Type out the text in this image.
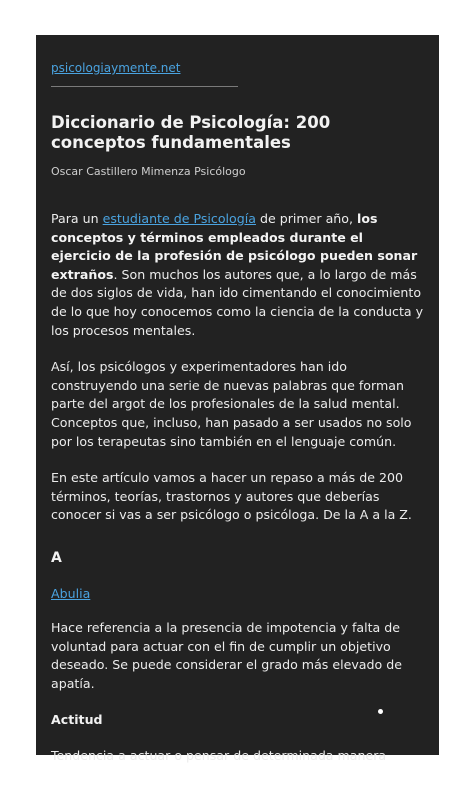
psicologiaymente.net
Diccionario de Psicología: 200 conceptos fundamentales
Oscar Castillero Mimenza Psicólogo

Para un estudiante de Psicología de primer año, los conceptos y términos empleados durante el ejercicio de la profesión de psicólogo pueden sonar extraños. Son muchos los autores que, a lo largo de más de dos siglos de vida, han ido cimentando el conocimiento de lo que hoy conocemos como la ciencia de la conducta y los procesos mentales.

Así, los psicólogos y experimentadores han ido construyendo una serie de nuevas palabras que forman parte del argot de los profesionales de la salud mental. Conceptos que, incluso, han pasado a ser usados no solo por los terapeutas sino también en el lenguaje común.

En este artículo vamos a hacer un repaso a más de 200 términos, teorías, trastornos y autores que deberías conocer si vas a ser psicólogo o psicóloga. De la A a la Z.

A
Abulia

Hace referencia a la presencia de impotencia y falta de voluntad para actuar con el fin de cumplir un objetivo deseado. Se puede considerar el grado más elevado de apatía.

Actitud

Tendencia a actuar o pensar de determinada manera
